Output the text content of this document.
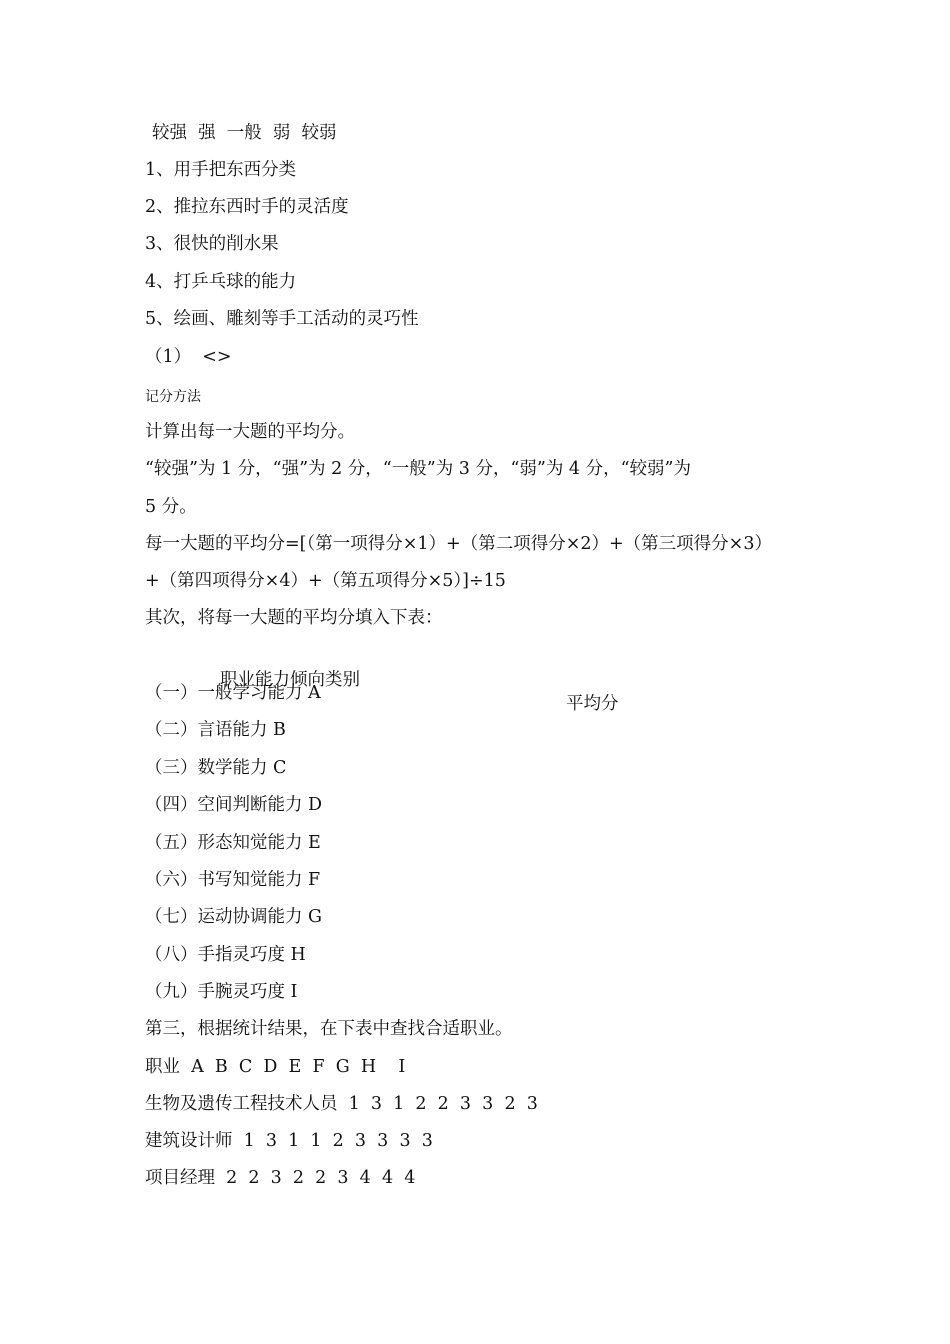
较强  强  一般  弱  较弱
1、用手把东西分类
2、推拉东西时手的灵活度
3、很快的削水果
4、打乒乓球的能力
5、绘画、雕刻等手工活动的灵巧性
（1）  <>
记分方法
计算出每一大题的平均分。
“较强”为 1 分，“强”为 2 分，“一般”为 3 分，“弱”为 4 分，“较弱”为
5 分。
每一大题的平均分=[（第一项得分×1）+（第二项得分×2）+（第三项得分×3）
+（第四项得分×4）+（第五项得分×5）]÷15
其次，将每一大题的平均分填入下表：

职业能力倾向类别

平均分

（一）一般学习能力 A
（二）言语能力 B
（三）数学能力 C
（四）空间判断能力 D
（五）形态知觉能力 E
（六）书写知觉能力 F
（七）运动协调能力 G
（八）手指灵巧度 H
（九）手腕灵巧度 I
第三，根据统计结果，在下表中查找合适职业。
职业  A  B  C  D  E  F  G  H    I
生物及遗传工程技术人员  1  3  1  2  2  3  3  2  3
建筑设计师  1  3  1  1  2  3  3  3  3
项目经理  2  2  3  2  2  3  4  4  4
